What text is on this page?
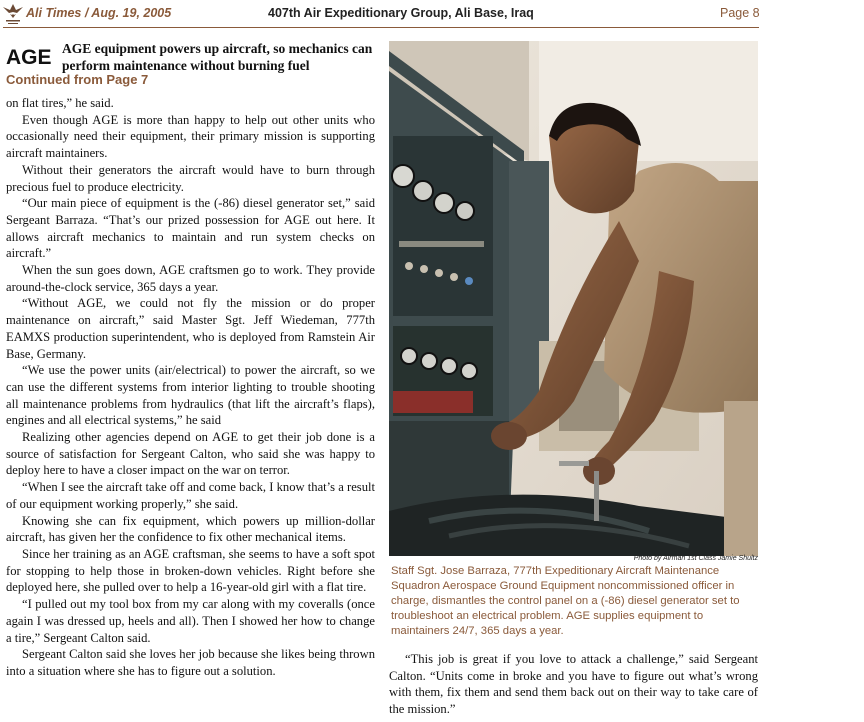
Ali Times / Aug. 19, 2005	407th Air Expeditionary Group, Ali Base, Iraq	Page 8
AGE AGE equipment powers up aircraft, so mechanics can perform maintenance without burning fuel
Continued from Page 7

on flat tires,” he said.

Even though AGE is more than happy to help out other units who occasionally need their equipment, their primary mission is supporting aircraft maintainers.

Without their generators the aircraft would have to burn through precious fuel to produce electricity.

“Our main piece of equipment is the (-86) diesel generator set,” said Sergeant Barraza. “That’s our prized possession for AGE out here. It allows aircraft mechanics to maintain and run system checks on aircraft.”

When the sun goes down, AGE craftsmen go to work. They provide around-the-clock service, 365 days a year.

“Without AGE, we could not fly the mission or do proper maintenance on aircraft,” said Master Sgt. Jeff Wiedeman, 777th EAMXS production superintendent, who is deployed from Ramstein Air Base, Germany.

“We use the power units (air/electrical) to power the aircraft, so we can use the different systems from interior lighting to trouble shooting all maintenance problems from hydraulics (that lift the aircraft’s flaps), engines and all electrical systems,” he said

Realizing other agencies depend on AGE to get their job done is a source of satisfaction for Sergeant Calton, who said she was happy to deploy here to have a closer impact on the war on terror.

“When I see the aircraft take off and come back, I know that’s a result of our equipment working properly,” she said.

Knowing she can fix equipment, which powers up million-dollar aircraft, has given her the confidence to fix other mechanical items.

Since her training as an AGE craftsman, she seems to have a soft spot for stopping to help those in broken-down vehicles. Right before she deployed here, she pulled over to help a 16-year-old girl with a flat tire.

“I pulled out my tool box from my car along with my coveralls (once again I was dressed up, heels and all). Then I showed her how to change a tire,” Sergeant Calton said.

Sergeant Calton said she loves her job because she likes being thrown into a situation where she has to figure out a solution.

Photo by Airman 1st Class Jamie Shultz
Staff Sgt. Jose Barraza, 777th Expeditionary Aircraft Maintenance Squadron Aerospace Ground Equipment noncommissioned officer in charge, dismantles the control panel on a (-86) diesel generator set to troubleshoot an electrical problem. AGE supplies equipment to maintainers 24/7, 365 days a year.

“This job is great if you love to attack a challenge,” said Sergeant Calton. “Units come in broke and you have to figure out what’s wrong with them, fix them and send them back out on their way to take care of the mission.”
